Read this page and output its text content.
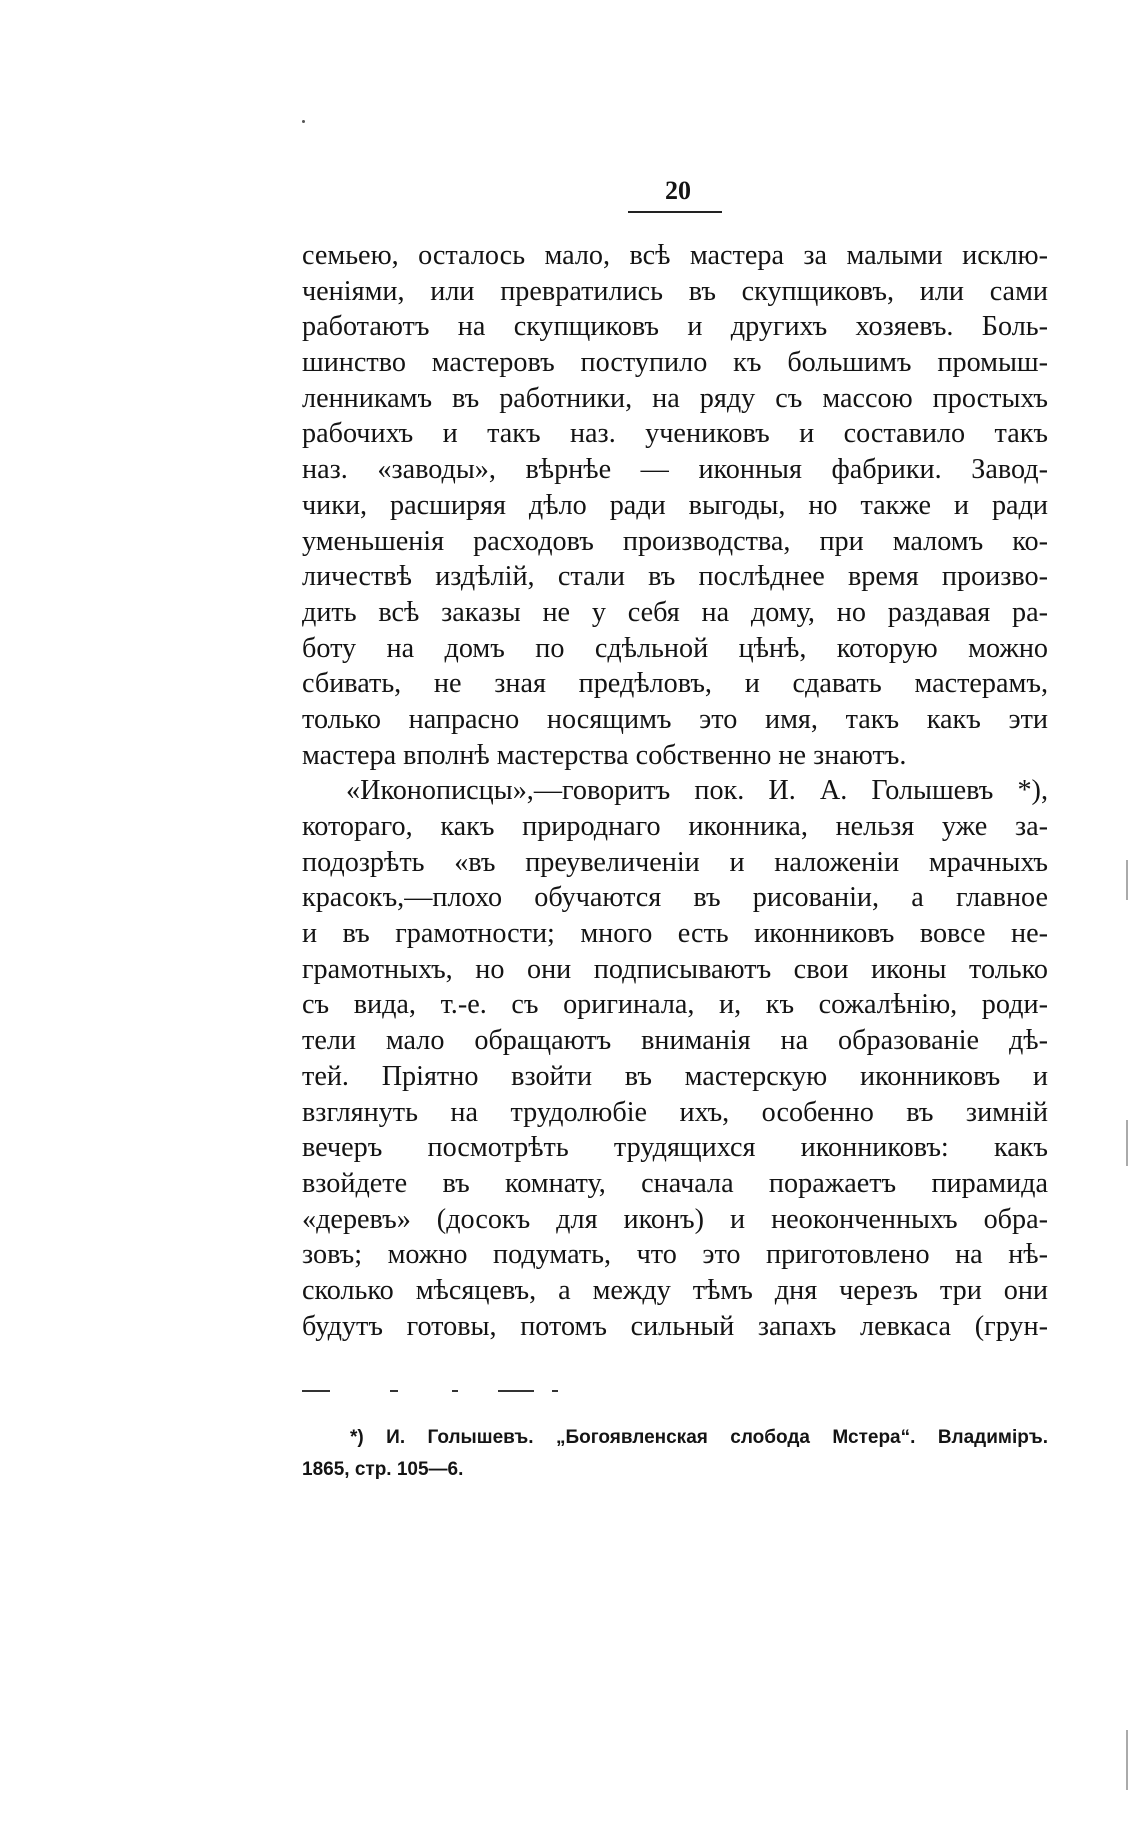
20
семьею, осталось мало, всѣ мастера за малыми исклю-
ченіями, или превратились въ скупщиковъ, или сами
работаютъ на скупщиковъ и другихъ хозяевъ. Боль-
шинство мастеровъ поступило къ большимъ промыш-
ленникамъ въ работники, на ряду съ массою простыхъ
рабочихъ и такъ наз. учениковъ и составило такъ
наз. «заводы», вѣрнѣе — иконныя фабрики. Завод-
чики, расширяя дѣло ради выгоды, но также и ради
уменьшенія расходовъ производства, при маломъ ко-
личествѣ издѣлій, стали въ послѣднее время произво-
дить всѣ заказы не у себя на дому, но раздавая ра-
боту на домъ по сдѣльной цѣнѣ, которую можно
сбивать, не зная предѣловъ, и сдавать мастерамъ,
только напрасно носящимъ это имя, такъ какъ эти
мастера вполнѣ мастерства собственно не знаютъ.
«Иконописцы»,—говоритъ пок. И. А. Голышевъ *),
котораго, какъ природнаго иконника, нельзя уже за-
подозрѣть «въ преувеличеніи и наложеніи мрачныхъ
красокъ,—плохо обучаются въ рисованіи, а главное
и въ грамотности; много есть иконниковъ вовсе не-
грамотныхъ, но они подписываютъ свои иконы только
съ вида, т.-е. съ оригинала, и, къ сожалѣнію, роди-
тели мало обращаютъ вниманія на образованіе дѣ-
тей. Пріятно взойти въ мастерскую иконниковъ и
взглянуть на трудолюбіе ихъ, особенно въ зимній
вечеръ посмотрѣть трудящихся иконниковъ: какъ
взойдете въ комнату, сначала поражаетъ пирамида
«деревъ» (досокъ для иконъ) и неоконченныхъ обра-
зовъ; можно подумать, что это приготовлено на нѣ-
сколько мѣсяцевъ, а между тѣмъ дня черезъ три они
будутъ готовы, потомъ сильный запахъ левкаса (грун-
*) И. Голышевъ. „Богоявленская слобода Мстера“. Владиміръ.
1865, стр. 105—6.
